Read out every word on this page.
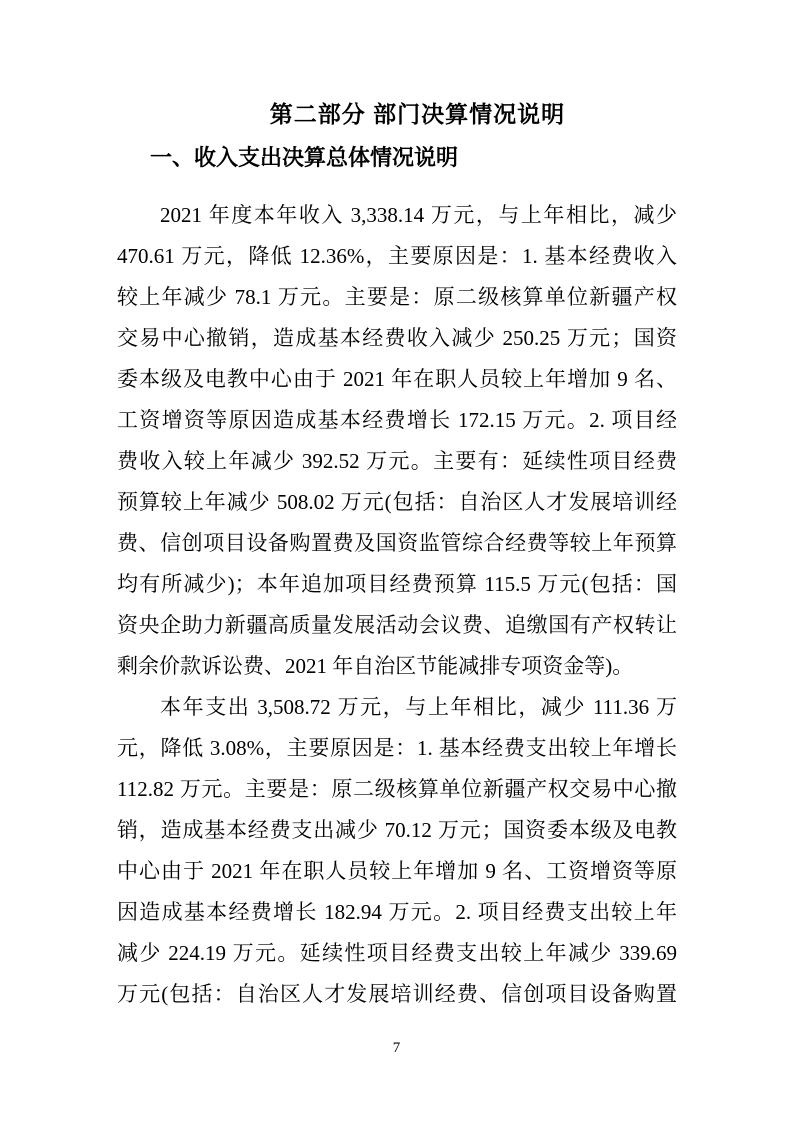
第二部分 部门决算情况说明
一、收入支出决算总体情况说明
2021 年度本年收入 3,338.14 万元，与上年相比，减少
470.61 万元，降低 12.36%，主要原因是：1. 基本经费收入
较上年减少 78.1 万元。主要是：原二级核算单位新疆产权
交易中心撤销，造成基本经费收入减少 250.25 万元；国资
委本级及电教中心由于 2021 年在职人员较上年增加 9 名、
工资增资等原因造成基本经费增长 172.15 万元。2. 项目经
费收入较上年减少 392.52 万元。主要有：延续性项目经费
预算较上年减少 508.02 万元(包括：自治区人才发展培训经
费、信创项目设备购置费及国资监管综合经费等较上年预算
均有所减少)；本年追加项目经费预算 115.5 万元(包括：国
资央企助力新疆高质量发展活动会议费、追缴国有产权转让
剩余价款诉讼费、2021 年自治区节能减排专项资金等)。
本年支出 3,508.72 万元，与上年相比，减少 111.36 万
元，降低 3.08%，主要原因是：1. 基本经费支出较上年增长
112.82 万元。主要是：原二级核算单位新疆产权交易中心撤
销，造成基本经费支出减少 70.12 万元；国资委本级及电教
中心由于 2021 年在职人员较上年增加 9 名、工资增资等原
因造成基本经费增长 182.94 万元。2. 项目经费支出较上年
减少 224.19 万元。延续性项目经费支出较上年减少 339.69
万元(包括：自治区人才发展培训经费、信创项目设备购置
7
